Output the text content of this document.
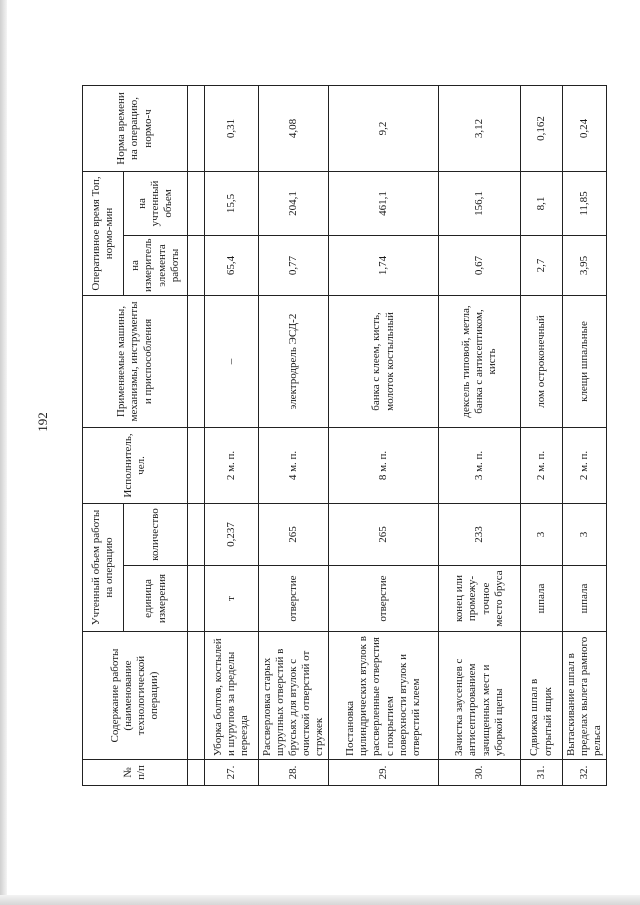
192
№ п/п	Содержание работы (наименование технологической операции)	Учтенный объем работы на операцию		Исполнитель, чел.	Применяемые машины, механизмы, инструменты и приспособления	Оперативное время Топ, нормо-мин		Норма времени на операцию, нормо-ч
		единица измерения	количество			на измеритель элемента работы	на учтенный объем	

27.	Уборка болтов, костылей и шурупов за пределы переезда	т	0,237	2 м. п.	–	65,4	15,5	0,31
28.	Рассверловка старых шурупных отверстий в брусьях для втулок с очисткой отверстий от стружек	отверстие	265	4 м. п.	электродрель ЭСД-2	0,77	204,1	4,08
29.	Постановка цилиндрических втулок в рассверленные отверстия с покрытием поверхности втулок и отверстий клеем	отверстие	265	8 м. п.	банка с клеем, кисть, молоток костыльный	1,74	461,1	9,2
30.	Зачистка заусенцев с антисептированием зачищенных мест и уборкой щепы	конец или промежу-точное место бруса	233	3 м. п.	дексель типовой, метла, банка с антисептиком, кисть	0,67	156,1	3,12
31.	Сдвижка шпал в отрытый ящик	шпала	3	2 м. п.	лом остроконечный	2,7	8,1	0,162
32.	Вытаскивание шпал в пределах вылета рамного рельса	шпала	3	2 м. п.	клещи шпальные	3,95	11,85	0,24
